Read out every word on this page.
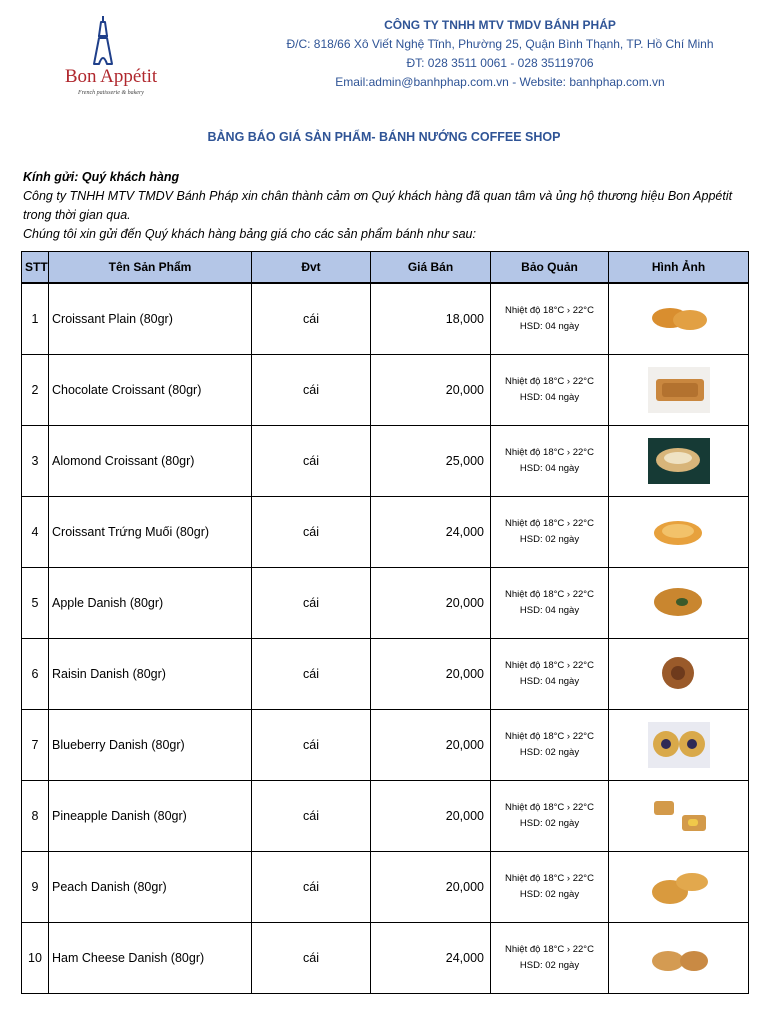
Bon Appétit
French patisserie & bakery
CÔNG TY TNHH MTV TMDV BÁNH PHÁP
Đ/C: 818/66 Xô Viết Nghệ Tĩnh, Phường 25, Quận Bình Thạnh, TP. Hồ Chí Minh
ĐT: 028 3511 0061 - 028 35119706
Email:admin@banhphap.com.vn - Website: banhphap.com.vn
BẢNG BÁO GIÁ SẢN PHẨM- BÁNH NƯỚNG COFFEE SHOP
Kính gửi: Quý khách hàng
Công ty TNHH MTV TMDV Bánh Pháp xin chân thành cảm ơn Quý khách hàng đã quan tâm và ủng hộ thương hiệu Bon Appétit
trong thời gian qua.
Chúng tôi xin gửi đến Quý khách hàng bảng giá cho các sản phẩm bánh như sau:
STT	Tên Sản Phẩm	Đvt	Giá Bán	Bảo Quản	Hình Ảnh
1	Croissant Plain (80gr)	cái	18,000	Nhiệt độ 18°C › 22°C
HSD: 04 ngày

2	Chocolate Croissant (80gr)	cái	20,000	Nhiệt độ 18°C › 22°C
HSD: 04 ngày

3	Alomond Croissant (80gr)	cái	25,000	Nhiệt độ 18°C › 22°C
HSD: 04 ngày

4	Croissant Trứng Muối (80gr)	cái	24,000	Nhiệt độ 18°C › 22°C
HSD: 02 ngày

5	Apple Danish (80gr)	cái	20,000	Nhiệt độ 18°C › 22°C
HSD: 04 ngày

6	Raisin Danish (80gr)	cái	20,000	Nhiệt độ 18°C › 22°C
HSD: 04 ngày

7	Blueberry Danish (80gr)	cái	20,000	Nhiệt độ 18°C › 22°C
HSD: 02 ngày

8	Pineapple Danish (80gr)	cái	20,000	Nhiệt độ 18°C › 22°C
HSD: 02 ngày

9	Peach Danish (80gr)	cái	20,000	Nhiệt độ 18°C › 22°C
HSD: 02 ngày

10	Ham Cheese Danish (80gr)	cái	24,000	Nhiệt độ 18°C › 22°C
HSD: 02 ngày
